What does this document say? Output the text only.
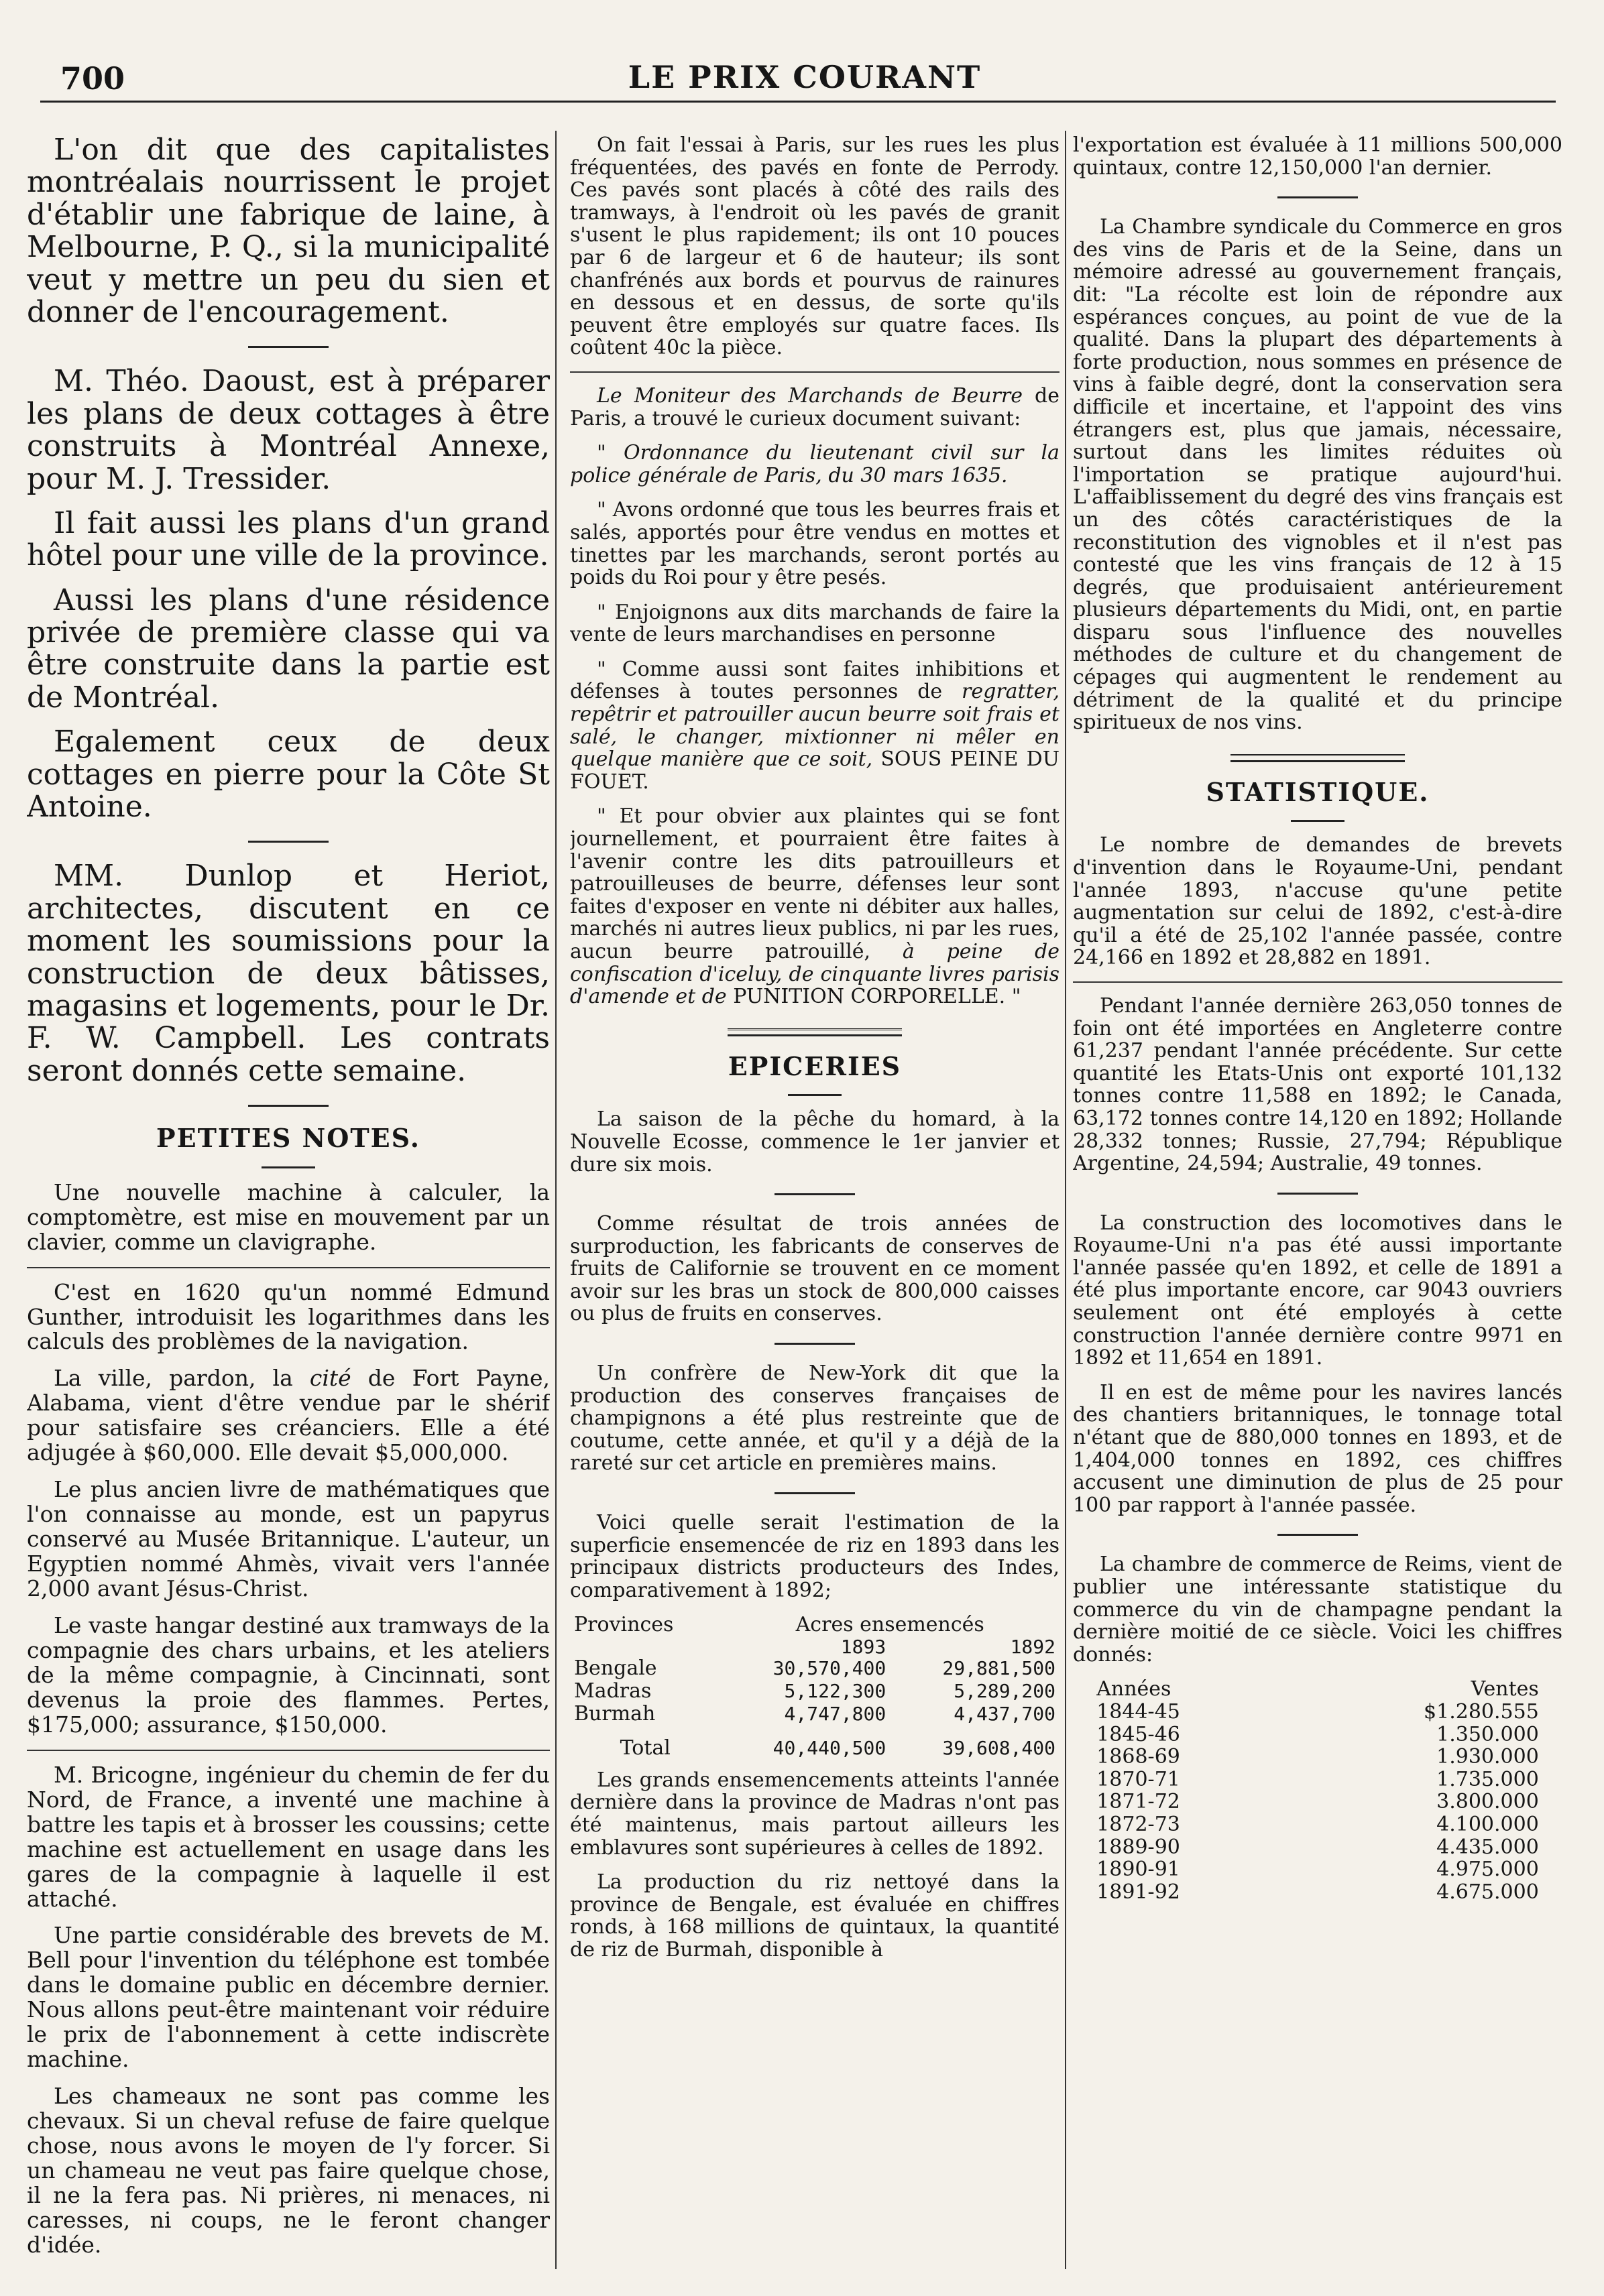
700	LE PRIX COURANT

L'on dit que des capitalistes montréalais nourrissent le projet d'établir une fabrique de laine, à Melbourne, P. Q., si la municipalité veut y mettre un peu du sien et donner de l'encouragement.

M. Théo. Daoust, est à préparer les plans de deux cottages à être construits à Montréal Annexe, pour M. J. Tressider.

Il fait aussi les plans d'un grand hôtel pour une ville de la province.

Aussi les plans d'une résidence privée de première classe qui va être construite dans la partie est de Montréal.

Egalement ceux de deux cottages en pierre pour la Côte St Antoine.

MM. Dunlop et Heriot, architectes, discutent en ce moment les soumissions pour la construction de deux bâtisses, magasins et logements, pour le Dr. F. W. Campbell. Les contrats seront donnés cette semaine.

PETITES NOTES.

Une nouvelle machine à calculer, la comptomètre, est mise en mouvement par un clavier, comme un clavigraphe.

C'est en 1620 qu'un nommé Edmund Gunther, introduisit les logarithmes dans les calculs des problèmes de la navigation.

La ville, pardon, la cité de Fort Payne, Alabama, vient d'être vendue par le shérif pour satisfaire ses créanciers. Elle a été adjugée à $60,000. Elle devait $5,000,000.

Le plus ancien livre de mathématiques que l'on connaisse au monde, est un papyrus conservé au Musée Britannique. L'auteur, un Egyptien nommé Ahmès, vivait vers l'année 2,000 avant Jésus-Christ.

Le vaste hangar destiné aux tramways de la compagnie des chars urbains, et les ateliers de la même compagnie, à Cincinnati, sont devenus la proie des flammes. Pertes, $175,000; assurance, $150,000.

M. Bricogne, ingénieur du chemin de fer du Nord, de France, a inventé une machine à battre les tapis et à brosser les coussins; cette machine est actuellement en usage dans les gares de la compagnie à laquelle il est attaché.

Une partie considérable des brevets de M. Bell pour l'invention du téléphone est tombée dans le domaine public en décembre dernier. Nous allons peut-être maintenant voir réduire le prix de l'abonnement à cette indiscrète machine.

Les chameaux ne sont pas comme les chevaux. Si un cheval refuse de faire quelque chose, nous avons le moyen de l'y forcer. Si un chameau ne veut pas faire quelque chose, il ne la fera pas. Ni prières, ni menaces, ni caresses, ni coups, ne le feront changer d'idée.

On fait l'essai à Paris, sur les rues les plus fréquentées, des pavés en fonte de Perrody. Ces pavés sont placés à côté des rails des tramways, à l'endroit où les pavés de granit s'usent le plus rapidement; ils ont 10 pouces par 6 de largeur et 6 de hauteur; ils sont chanfrénés aux bords et pourvus de rainures en dessous et en dessus, de sorte qu'ils peuvent être employés sur quatre faces. Ils coûtent 40c la pièce.

Le Moniteur des Marchands de Beurre de Paris, a trouvé le curieux document suivant:

" Ordonnance du lieutenant civil sur la police générale de Paris, du 30 mars 1635.

" Avons ordonné que tous les beurres frais et salés, apportés pour être vendus en mottes et tinettes par les marchands, seront portés au poids du Roi pour y être pesés.

" Enjoignons aux dits marchands de faire la vente de leurs marchandises en personne

" Comme aussi sont faites inhibitions et défenses à toutes personnes de regratter, repêtrir et patrouiller aucun beurre soit frais et salé, le changer, mixtionner ni mêler en quelque manière que ce soit, SOUS PEINE DU FOUET.

" Et pour obvier aux plaintes qui se font journellement, et pourraient être faites à l'avenir contre les dits patrouilleurs et patrouilleuses de beurre, défenses leur sont faites d'exposer en vente ni débiter aux halles, marchés ni autres lieux publics, ni par les rues, aucun beurre patrouillé, à peine de confiscation d'iceluy, de cinquante livres parisis d'amende et de PUNITION CORPORELLE. "

EPICERIES

La saison de la pêche du homard, à la Nouvelle Ecosse, commence le 1er janvier et dure six mois.

Comme résultat de trois années de surproduction, les fabricants de conserves de fruits de Californie se trouvent en ce moment avoir sur les bras un stock de 800,000 caisses ou plus de fruits en conserves.

Un confrère de New-York dit que la production des conserves françaises de champignons a été plus restreinte que de coutume, cette année, et qu'il y a déjà de la rareté sur cet article en premières mains.

Voici quelle serait l'estimation de la superficie ensemencée de riz en 1893 dans les principaux districts producteurs des Indes, comparativement à 1892;

Provinces	Acres ensemencés	
	1893	1892
Bengale	30,570,400	29,881,500
Madras	5,122,300	5,289,200
Burmah	4,747,800	4,437,700
Total	40,440,500	39,608,400

Les grands ensemencements atteints l'année dernière dans la province de Madras n'ont pas été maintenus, mais partout ailleurs les emblavures sont supérieures à celles de 1892.

La production du riz nettoyé dans la province de Bengale, est évaluée en chiffres ronds, à 168 millions de quintaux, la quantité de riz de Burmah, disponible à

l'exportation est évaluée à 11 millions 500,000 quintaux, contre 12,150,000 l'an dernier.

La Chambre syndicale du Commerce en gros des vins de Paris et de la Seine, dans un mémoire adressé au gouvernement français, dit: "La récolte est loin de répondre aux espérances conçues, au point de vue de la qualité. Dans la plupart des départements à forte production, nous sommes en présence de vins à faible degré, dont la conservation sera difficile et incertaine, et l'appoint des vins étrangers est, plus que jamais, nécessaire, surtout dans les limites réduites où l'importation se pratique aujourd'hui. L'affaiblissement du degré des vins français est un des côtés caractéristiques de la reconstitution des vignobles et il n'est pas contesté que les vins français de 12 à 15 degrés, que produisaient antérieurement plusieurs départements du Midi, ont, en partie disparu sous l'influence des nouvelles méthodes de culture et du changement de cépages qui augmentent le rendement au détriment de la qualité et du principe spiritueux de nos vins.

STATISTIQUE.

Le nombre de demandes de brevets d'invention dans le Royaume-Uni, pendant l'année 1893, n'accuse qu'une petite augmentation sur celui de 1892, c'est-à-dire qu'il a été de 25,102 l'année passée, contre 24,166 en 1892 et 28,882 en 1891.

Pendant l'année dernière 263,050 tonnes de foin ont été importées en Angleterre contre 61,237 pendant l'année précédente. Sur cette quantité les Etats-Unis ont exporté 101,132 tonnes contre 11,588 en 1892; le Canada, 63,172 tonnes contre 14,120 en 1892; Hollande 28,332 tonnes; Russie, 27,794; République Argentine, 24,594; Australie, 49 tonnes.

La construction des locomotives dans le Royaume-Uni n'a pas été aussi importante l'année passée qu'en 1892, et celle de 1891 a été plus importante encore, car 9043 ouvriers seulement ont été employés à cette construction l'année dernière contre 9971 en 1892 et 11,654 en 1891.

Il en est de même pour les navires lancés des chantiers britanniques, le tonnage total n'étant que de 880,000 tonnes en 1893, et de 1,404,000 tonnes en 1892, ces chiffres accusent une diminution de plus de 25 pour 100 par rapport à l'année passée.

La chambre de commerce de Reims, vient de publier une intéressante statistique du commerce du vin de champagne pendant la dernière moitié de ce siècle. Voici les chiffres donnés:

Années	Ventes
1844-45	$1.280.555
1845-46	1.350.000
1868-69	1.930.000
1870-71	1.735.000
1871-72	3.800.000
1872-73	4.100.000
1889-90	4.435.000
1890-91	4.975.000
1891-92	4.675.000
